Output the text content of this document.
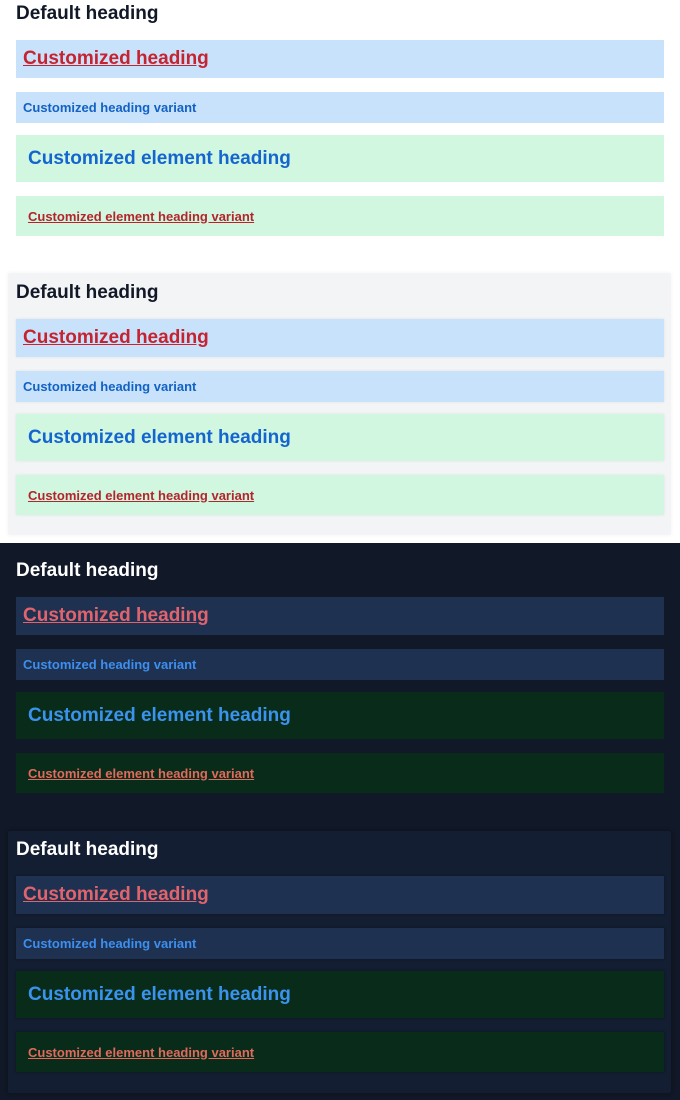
Default heading
Customized heading
Customized heading variant
Customized element heading
Customized element heading variant
Default heading
Customized heading
Customized heading variant
Customized element heading
Customized element heading variant
Default heading
Customized heading
Customized heading variant
Customized element heading
Customized element heading variant
Default heading
Customized heading
Customized heading variant
Customized element heading
Customized element heading variant
